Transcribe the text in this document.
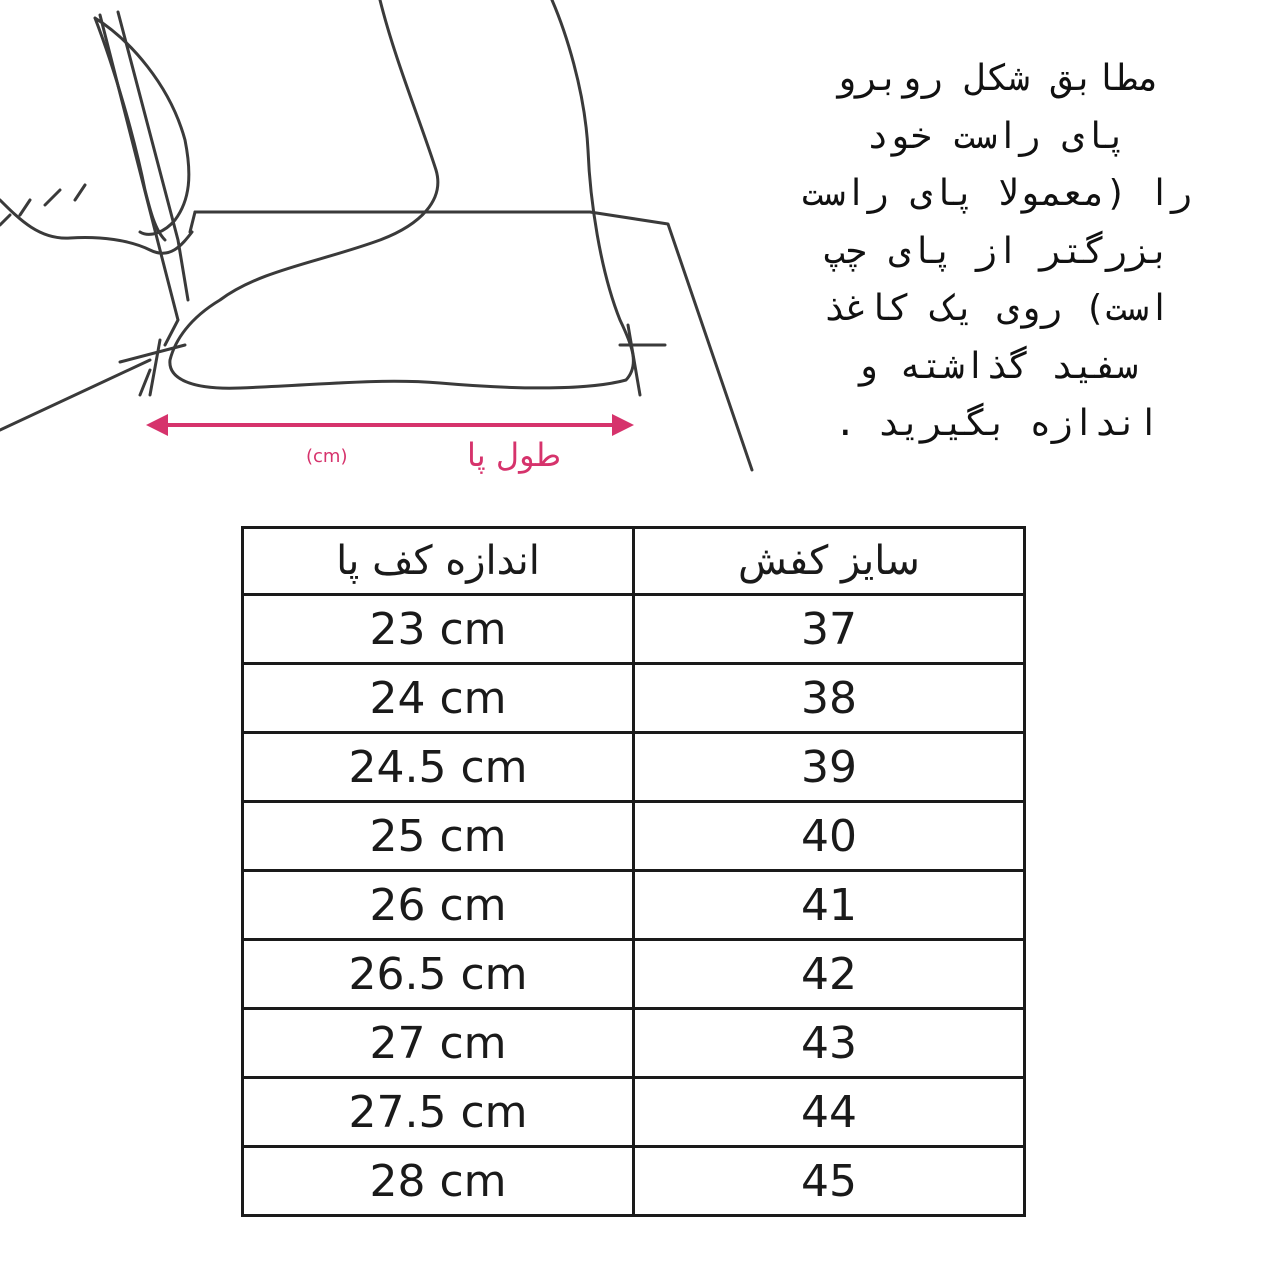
طول پا
(cm)
مطابق شکل روبرو
پای راست خود
را (معمولا پای راست
بزرگتر از پای چپ
است) روی یک کاغذ
سفید گذاشته و
اندازه بگیرید .
اندازه کف پا	سایز کفش
23 cm	37
24 cm	38
24.5 cm	39
25 cm	40
26 cm	41
26.5 cm	42
27 cm	43
27.5 cm	44
28 cm	45
